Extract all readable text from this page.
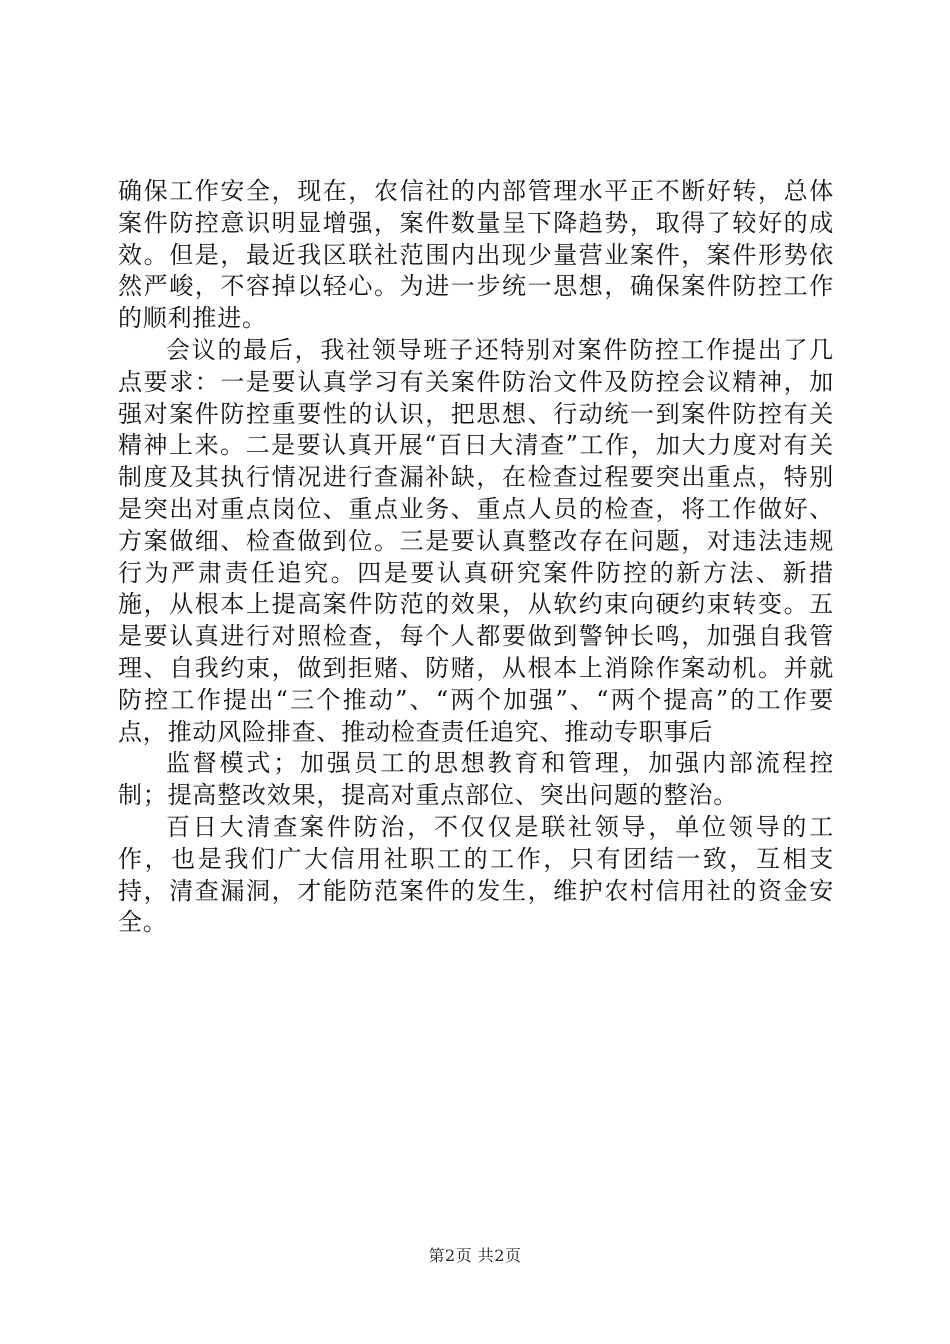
确保工作安全，现在，农信社的内部管理水平正不断好转，总体案件防控意识明显增强，案件数量呈下降趋势，取得了较好的成效。但是，最近我区联社范围内出现少量营业案件，案件形势依然严峻，不容掉以轻心。为进一步统一思想，确保案件防控工作的顺利推进。

会议的最后，我社领导班子还特别对案件防控工作提出了几点要求：一是要认真学习有关案件防治文件及防控会议精神，加强对案件防控重要性的认识，把思想、行动统一到案件防控有关精神上来。二是要认真开展“百日大清查”工作，加大力度对有关制度及其执行情况进行查漏补缺，在检查过程要突出重点，特别是突出对重点岗位、重点业务、重点人员的检查，将工作做好、方案做细、检查做到位。三是要认真整改存在问题，对违法违规行为严肃责任追究。四是要认真研究案件防控的新方法、新措施，从根本上提高案件防范的效果，从软约束向硬约束转变。五是要认真进行对照检查，每个人都要做到警钟长鸣，加强自我管理、自我约束，做到拒赌、防赌，从根本上消除作案动机。并就防控工作提出“三个推动”、“两个加强”、“两个提高”的工作要点，推动风险排查、推动检查责任追究、推动专职事后

监督模式；加强员工的思想教育和管理，加强内部流程控制；提高整改效果，提高对重点部位、突出问题的整治。

百日大清查案件防治，不仅仅是联社领导，单位领导的工作，也是我们广大信用社职工的工作，只有团结一致，互相支持，清查漏洞，才能防范案件的发生，维护农村信用社的资金安全。

第2页 共2页
